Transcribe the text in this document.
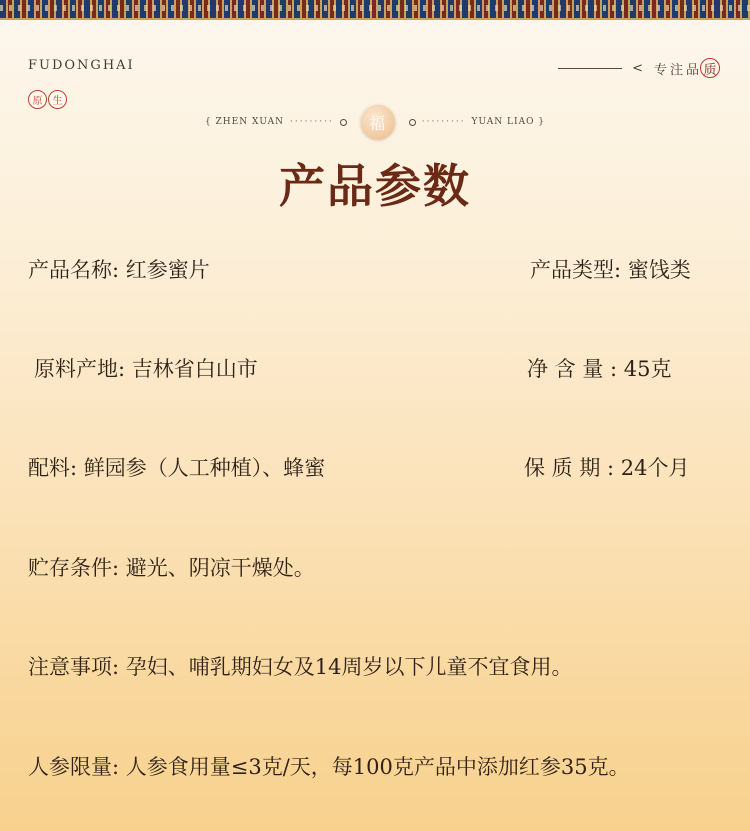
FUDONGHAI
原	生
< 专注品 质
{ ZHEN XUAN ·········	福	········· YUAN LIAO }
产品参数
产品名称: 红参蜜片	产品类型: 蜜饯类
原料产地: 吉林省白山市	净 含 量 : 45克
配料: 鲜园参（人工种植）、蜂蜜	保 质 期 : 24个月
贮存条件: 避光、阴凉干燥处。
注意事项: 孕妇、哺乳期妇女及14周岁以下儿童不宜食用。
人参限量: 人参食用量≤3克/天，每100克产品中添加红参35克。
